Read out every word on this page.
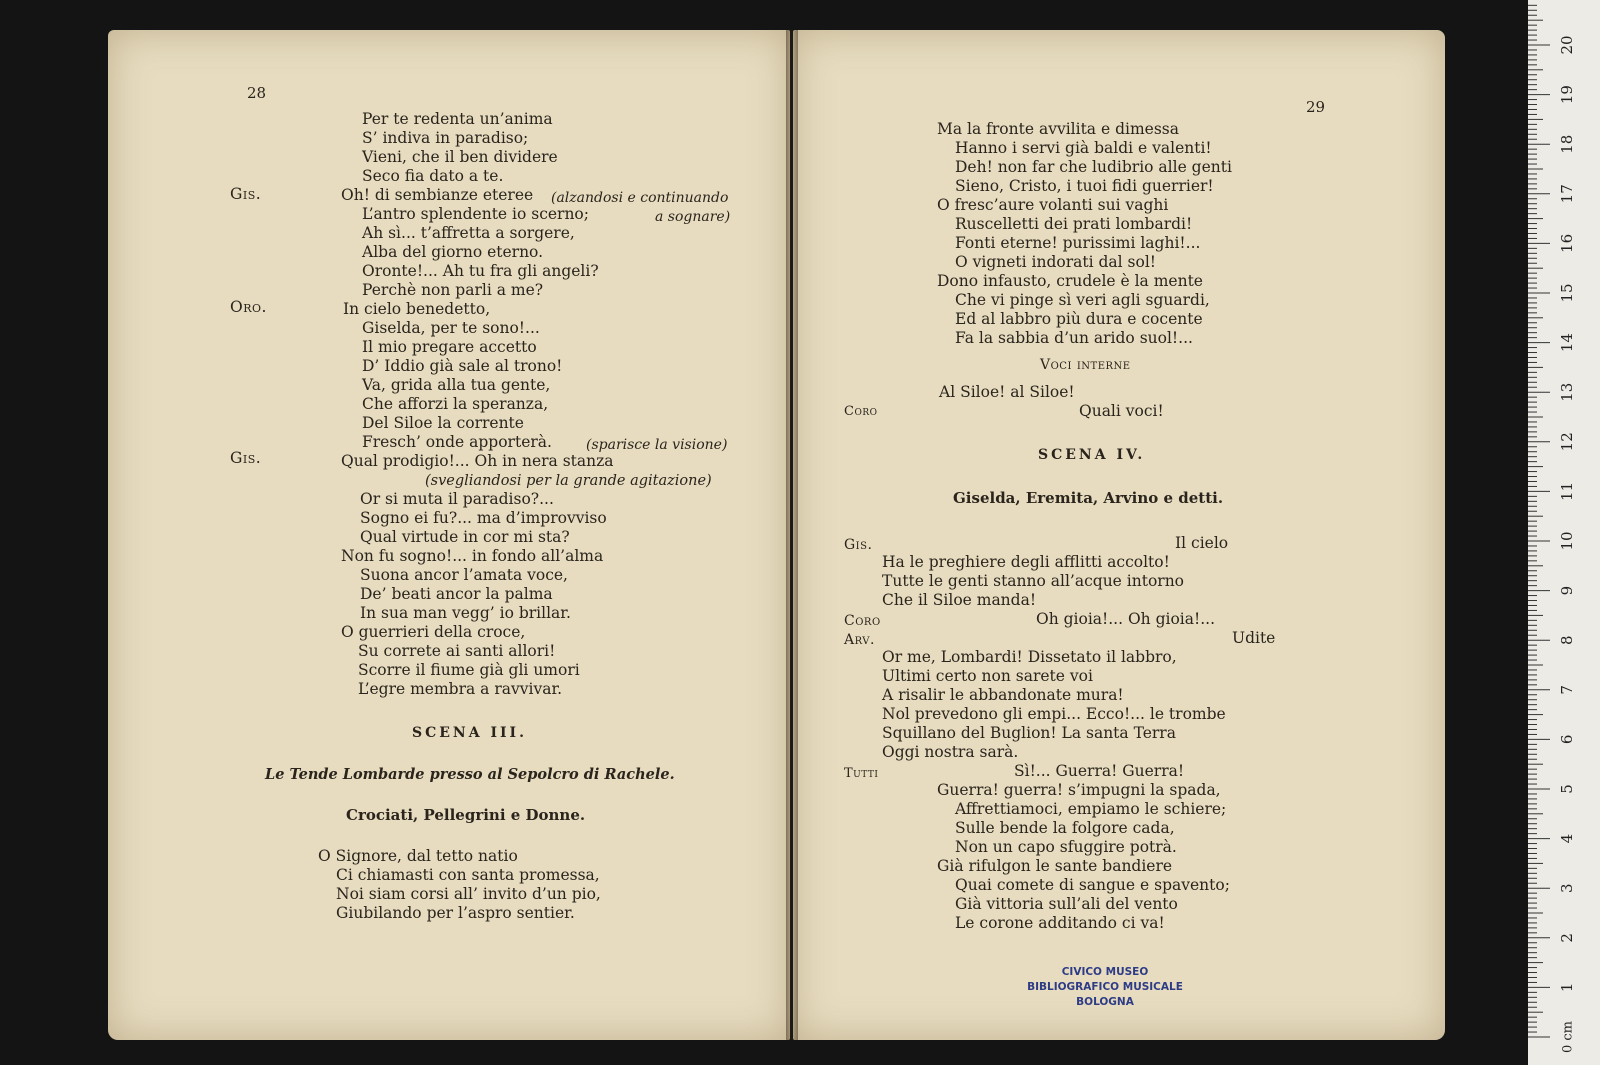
28
Per te redenta un’anima
S’ indiva in paradiso;
Vieni, che il ben dividere
Seco fia dato a te.
Gis.	Oh! di sembianze eteree (alzandosi e continuando
L’antro splendente io scerno;	a sognare)
Ah sì... t’affretta a sorgere,
Alba del giorno eterno.
Oronte!... Ah tu fra gli angeli?
Perchè non parli a me?
Oro.	In cielo benedetto,
Giselda, per te sono!...
Il mio pregare accetto
D’ Iddio già sale al trono!
Va, grida alla tua gente,
Che afforzi la speranza,
Del Siloe la corrente
Fresch’ onde apporterà. (sparisce la visione)
Gis.	Qual prodigio!... Oh in nera stanza
(svegliandosi per la grande agitazione)
Or si muta il paradiso?...
Sogno ei fu?... ma d’improvviso
Qual virtude in cor mi sta?
Non fu sogno!... in fondo all’alma
Suona ancor l’amata voce,
De’ beati ancor la palma
In sua man vegg’ io brillar.
O guerrieri della croce,
Su correte ai santi allori!
Scorre il fiume già gli umori
L’egre membra a ravvivar.
SCENA III.
Le Tende Lombarde presso al Sepolcro di Rachele.
Crociati, Pellegrini e Donne.
O Signore, dal tetto natio
Ci chiamasti con santa promessa,
Noi siam corsi all’ invito d’un pio,
Giubilando per l’aspro sentier.
29
Ma la fronte avvilita e dimessa
Hanno i servi già baldi e valenti!
Deh! non far che ludibrio alle genti
Sieno, Cristo, i tuoi fidi guerrier!
O fresc’aure volanti sui vaghi
Ruscelletti dei prati lombardi!
Fonti eterne! purissimi laghi!...
O vigneti indorati dal sol!
Dono infausto, crudele è la mente
Che vi pinge sì veri agli sguardi,
Ed al labbro più dura e cocente
Fa la sabbia d’un arido suol!...
Voci interne
Al Siloe! al Siloe!
Coro	Quali voci!
SCENA IV.
Giselda, Eremita, Arvino e detti.
Gis.	Il cielo
Ha le preghiere degli afflitti accolto!
Tutte le genti stanno all’acque intorno
Che il Siloe manda!
Coro	Oh gioia!... Oh gioia!...
Arv.	Udite
Or me, Lombardi! Dissetato il labbro,
Ultimi certo non sarete voi
A risalir le abbandonate mura!
Nol prevedono gli empi... Ecco!... le trombe
Squillano del Buglion! La santa Terra
Oggi nostra sarà.
Tutti	Sì!... Guerra! Guerra!
Guerra! guerra! s’impugni la spada,
Affrettiamoci, empiamo le schiere;
Sulle bende la folgore cada,
Non un capo sfuggire potrà.
Già rifulgon le sante bandiere
Quai comete di sangue e spavento;
Già vittoria sull’ali del vento
Le corone additando ci va!
CIVICO MUSEO
BIBLIOGRAFICO MUSICALE
BOLOGNA
1
2
3
4
5
6
7
8
9
10
11
12
13
14
15
16
17
18
19
20
0 cm
